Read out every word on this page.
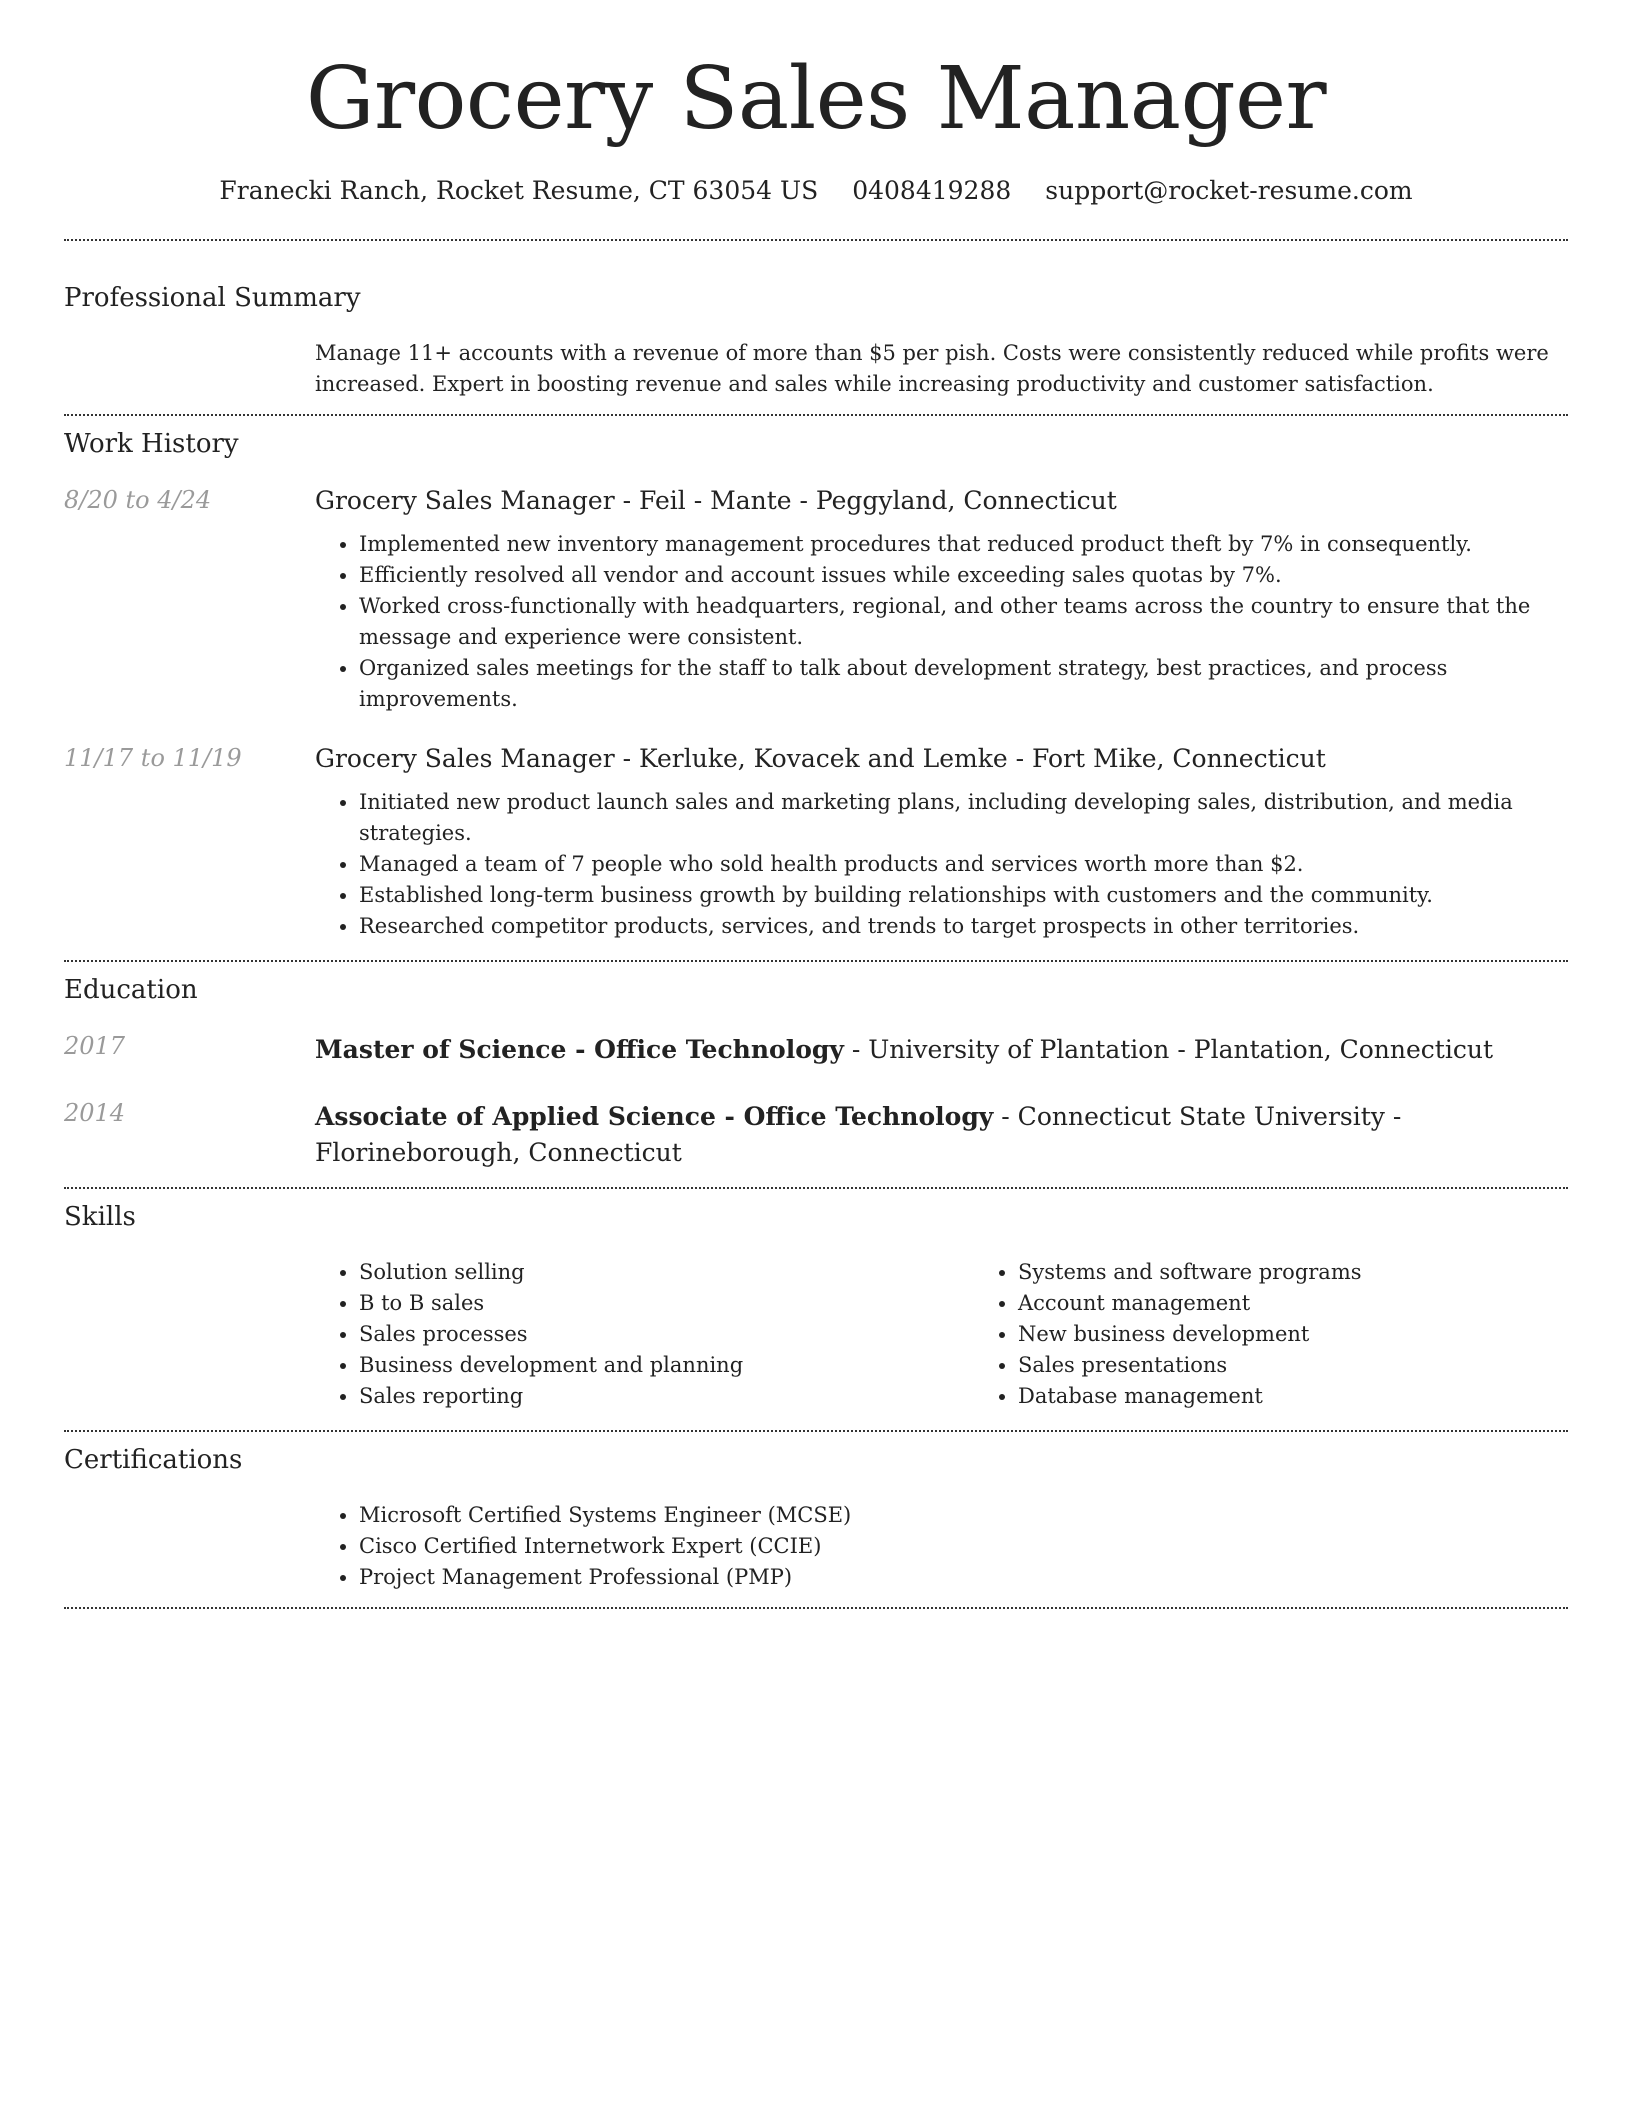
Grocery Sales Manager
Franecki Ranch, Rocket Resume, CT 63054 US 0408419288 support@rocket-resume.com
Professional Summary
Manage 11+ accounts with a revenue of more than $5 per pish. Costs were consistently reduced while profits were increased. Expert in boosting revenue and sales while increasing productivity and customer satisfaction.
Work History
8/20 to 4/24	Grocery Sales Manager - Feil - Mante - Peggyland, Connecticut
• Implemented new inventory management procedures that reduced product theft by 7% in consequently.
• Efficiently resolved all vendor and account issues while exceeding sales quotas by 7%.
• Worked cross-functionally with headquarters, regional, and other teams across the country to ensure that the message and experience were consistent.
• Organized sales meetings for the staff to talk about development strategy, best practices, and process improvements.
11/17 to 11/19	Grocery Sales Manager - Kerluke, Kovacek and Lemke - Fort Mike, Connecticut
• Initiated new product launch sales and marketing plans, including developing sales, distribution, and media strategies.
• Managed a team of 7 people who sold health products and services worth more than $2.
• Established long-term business growth by building relationships with customers and the community.
• Researched competitor products, services, and trends to target prospects in other territories.
Education
2017	Master of Science - Office Technology - University of Plantation - Plantation, Connecticut
2014	Associate of Applied Science - Office Technology - Connecticut State University - Florineborough, Connecticut
Skills
• Solution selling
• B to B sales
• Sales processes
• Business development and planning
• Sales reporting
• Systems and software programs
• Account management
• New business development
• Sales presentations
• Database management
Certifications
• Microsoft Certified Systems Engineer (MCSE)
• Cisco Certified Internetwork Expert (CCIE)
• Project Management Professional (PMP)
